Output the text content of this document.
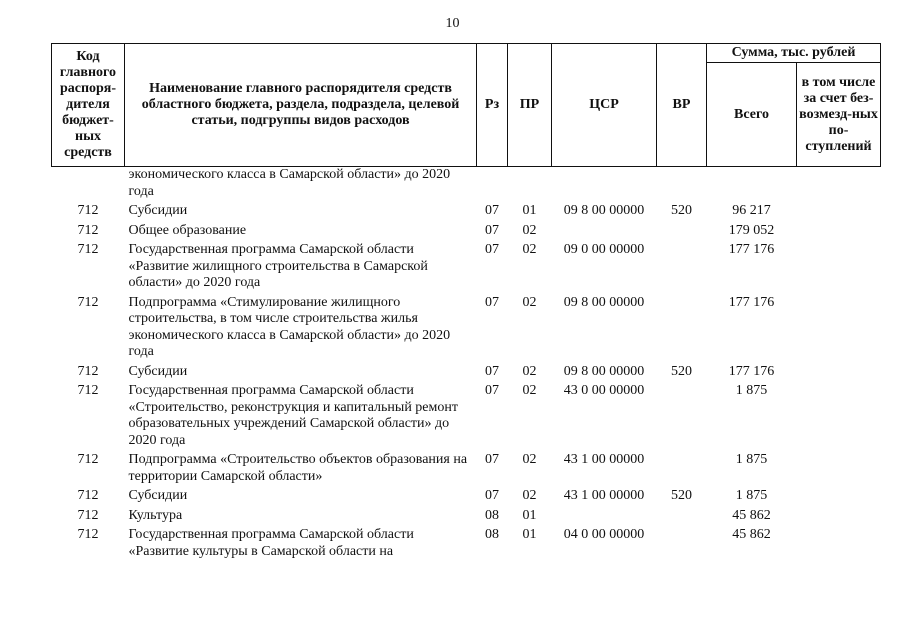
10
Код главного распоря-дителя бюджет-ных средств	Наименование главного распорядителя средств областного бюджета, раздела, подраздела, целевой статьи, подгруппы видов расходов	Рз	ПР	ЦСР	ВР	Сумма, тыс. рублей	
						Всего	в том числе за счет без-возмезд-ных по-ступлений
	экономического класса в Самарской области» до 2020 года						
712	Субсидии	07	01	09 8 00 00000	520	96 217	
712	Общее образование	07	02			179 052	
712	Государственная программа Самарской области «Развитие жилищного строительства в Самарской области» до 2020 года	07	02	09 0 00 00000		177 176	
712	Подпрограмма «Стимулирование жилищного строительства, в том числе строительства жилья экономического класса в Самарской области» до 2020 года	07	02	09 8 00 00000		177 176	
712	Субсидии	07	02	09 8 00 00000	520	177 176	
712	Государственная программа Самарской области «Строительство, реконструкция и капитальный ремонт образовательных учреждений Самарской области» до 2020 года	07	02	43 0 00 00000		1 875	
712	Подпрограмма «Строительство объектов образования на территории Самарской области»	07	02	43 1 00 00000		1 875	
712	Субсидии	07	02	43 1 00 00000	520	1 875	
712	Культура	08	01			45 862	
712	Государственная программа Самарской области «Развитие культуры в Самарской области на	08	01	04 0 00 00000		45 862	
